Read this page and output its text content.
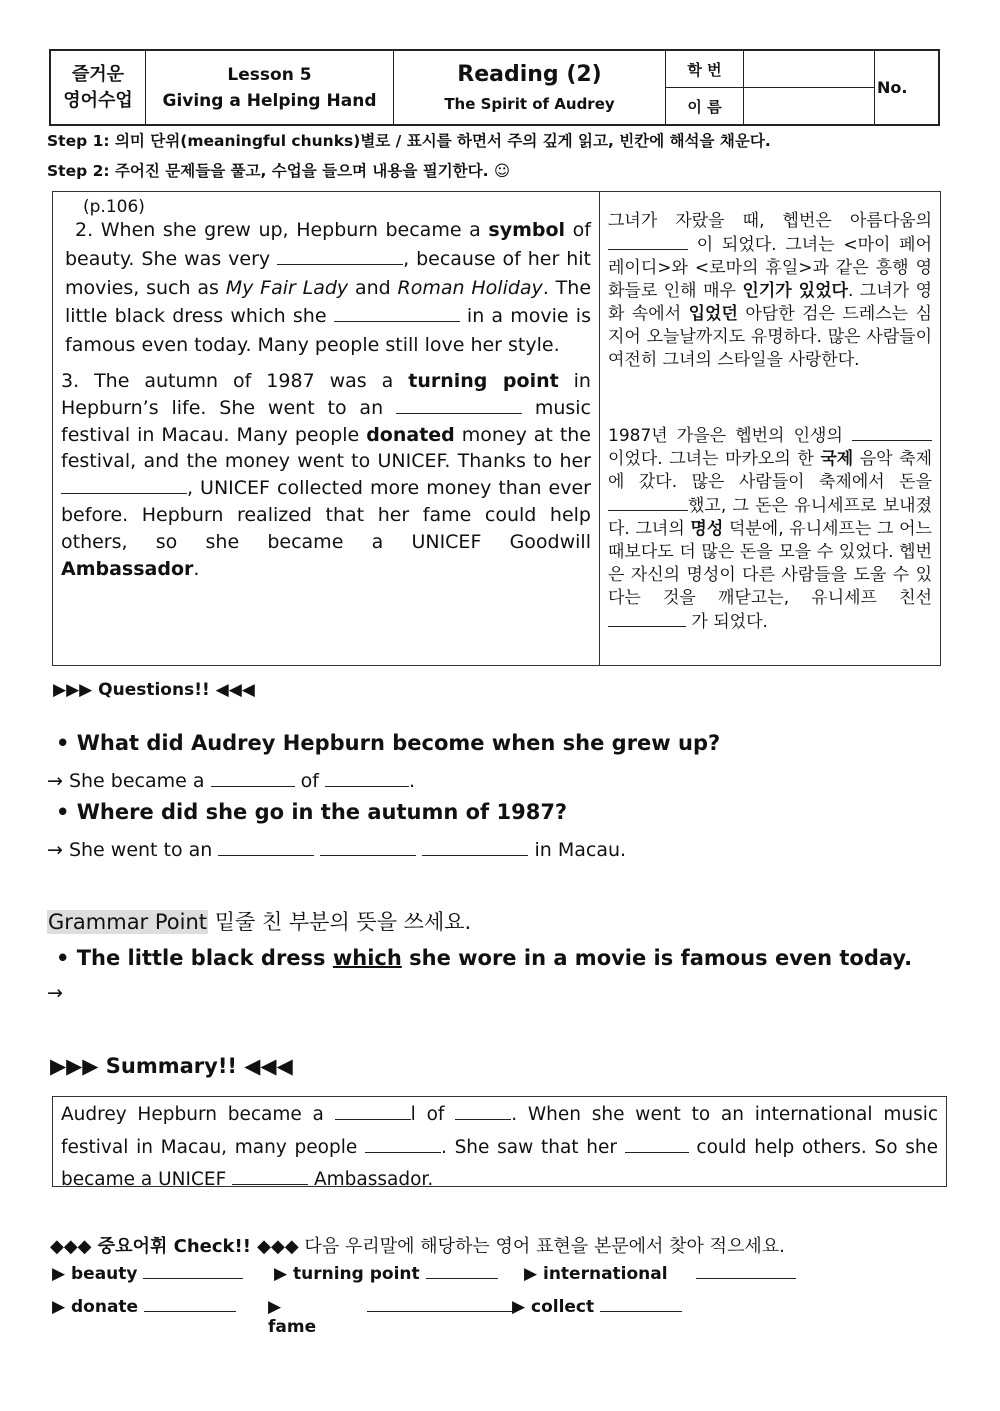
즐거운
영어수업
Lesson 5
Giving a Helping Hand
Reading (2)
The Spirit of Audrey
학 번
이 름
No.
Step 1: 의미 단위(meaningful chunks)별로 / 표시를 하면서 주의 깊게 읽고, 빈칸에 해석을 채운다.
Step 2: 주어진 문제들을 풀고, 수업을 들으며 내용을 필기한다. ☺
(p.106)
2. When she grew up, Hepburn became a symbol of beauty. She was very	, because of her hit movies, such as My Fair Lady and Roman Holiday. The little black dress which she	in a movie is famous even today. Many people still love her style.
3. The autumn of 1987 was a turning point in Hepburn’s life. She went to an	music festival in Macau. Many people donated money at the festival, and the money went to UNICEF. Thanks to her , UNICEF collected more money than ever before. Hepburn realized that her fame could help others, so she became a UNICEF Goodwill Ambassador.
그녀가 자랐을 때, 헵번은 아름다움의  이 되었다. 그녀는 <마이 페어 레이디>와 <로마의 휴일>과 같은 흥행 영화들로 인해 매우 인기가 있었다. 그녀가 영화 속에서 입었던 아담한 검은 드레스는 심지어 오늘날까지도 유명하다. 많은 사람들이 여전히 그녀의 스타일을 사랑한다.
1987년 가을은 헵번의 인생의 이었다. 그녀는 마카오의 한 국제 음악 축제에 갔다. 많은 사람들이 축제에서 돈을 했고, 그 돈은 유니세프로 보내졌다. 그녀의 명성 덕분에, 유니세프는 그 어느 때보다도 더 많은 돈을 모을 수 있었다. 헵번은 자신의 명성이 다른 사람들을 도울 수 있다는 것을 깨닫고는, 유니세프 친선  가 되었다.
▶▶▶ Questions!! ◀◀◀
• What did Audrey Hepburn become when she grew up?
→ She became a	of	.
• Where did she go in the autumn of 1987?
→ She went to an	in Macau.
Grammar Point 밑줄 친 부분의 뜻을 쓰세요.
• The little black dress which she wore in a movie is famous even today.
→
▶▶▶ Summary!! ◀◀◀
Audrey Hepburn became a	l of	. When she went to an international music festival in Macau, many people	. She saw that her	could help others. So she became a UNICEF	Ambassador.
◆◆◆ 중요어휘 Check!! ◆◆◆ 다음 우리말에 해당하는 영어 표현을 본문에서 찾아 적으세요.
▶ beauty	▶ turning point	▶ international
▶ donate	▶ fame
▶ collect
